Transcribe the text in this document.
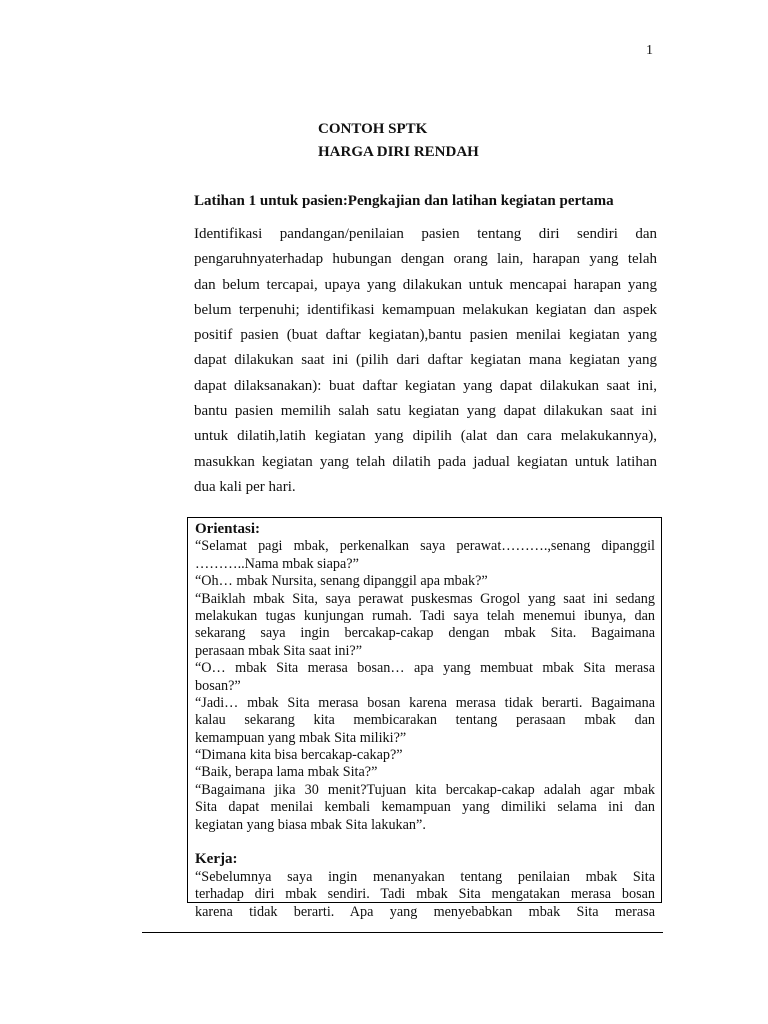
1
CONTOH SPTK
HARGA DIRI RENDAH
Latihan 1 untuk pasien:Pengkajian dan latihan kegiatan pertama
Identifikasi pandangan/penilaian pasien tentang diri sendiri dan
pengaruhnyaterhadap hubungan dengan orang lain, harapan yang telah
dan belum tercapai, upaya yang dilakukan untuk mencapai harapan yang
belum terpenuhi; identifikasi kemampuan melakukan kegiatan dan aspek
positif pasien (buat daftar kegiatan),bantu pasien menilai kegiatan yang
dapat dilakukan saat ini (pilih dari daftar kegiatan mana kegiatan yang
dapat dilaksanakan): buat daftar kegiatan yang dapat dilakukan saat ini,
bantu pasien memilih salah satu kegiatan yang dapat dilakukan saat ini
untuk dilatih,latih kegiatan yang dipilih (alat dan cara melakukannya),
masukkan kegiatan yang telah dilatih pada jadual kegiatan untuk latihan
dua kali per hari.
Orientasi:
“Selamat pagi mbak, perkenalkan saya perawat……….,senang dipanggil
………..Nama mbak siapa?”
“Oh… mbak Nursita, senang dipanggil apa mbak?”
“Baiklah mbak Sita, saya perawat puskesmas Grogol yang saat ini sedang
melakukan tugas kunjungan rumah. Tadi saya telah menemui ibunya, dan
sekarang saya ingin bercakap-cakap dengan mbak Sita. Bagaimana
perasaan mbak Sita saat ini?”
“O… mbak Sita merasa bosan… apa yang membuat mbak Sita merasa
bosan?”
“Jadi… mbak Sita merasa bosan karena merasa tidak berarti. Bagaimana
kalau sekarang kita membicarakan tentang perasaan mbak dan
kemampuan yang mbak Sita miliki?”
“Dimana kita bisa bercakap-cakap?”
“Baik, berapa lama mbak Sita?”
“Bagaimana jika 30 menit?Tujuan kita bercakap-cakap adalah agar mbak
Sita dapat menilai kembali kemampuan yang dimiliki selama ini dan
kegiatan yang biasa mbak Sita lakukan”.
Kerja:
“Sebelumnya saya ingin menanyakan tentang penilaian mbak Sita
terhadap diri mbak sendiri. Tadi mbak Sita mengatakan merasa bosan
karena tidak berarti. Apa yang menyebabkan mbak Sita merasa
